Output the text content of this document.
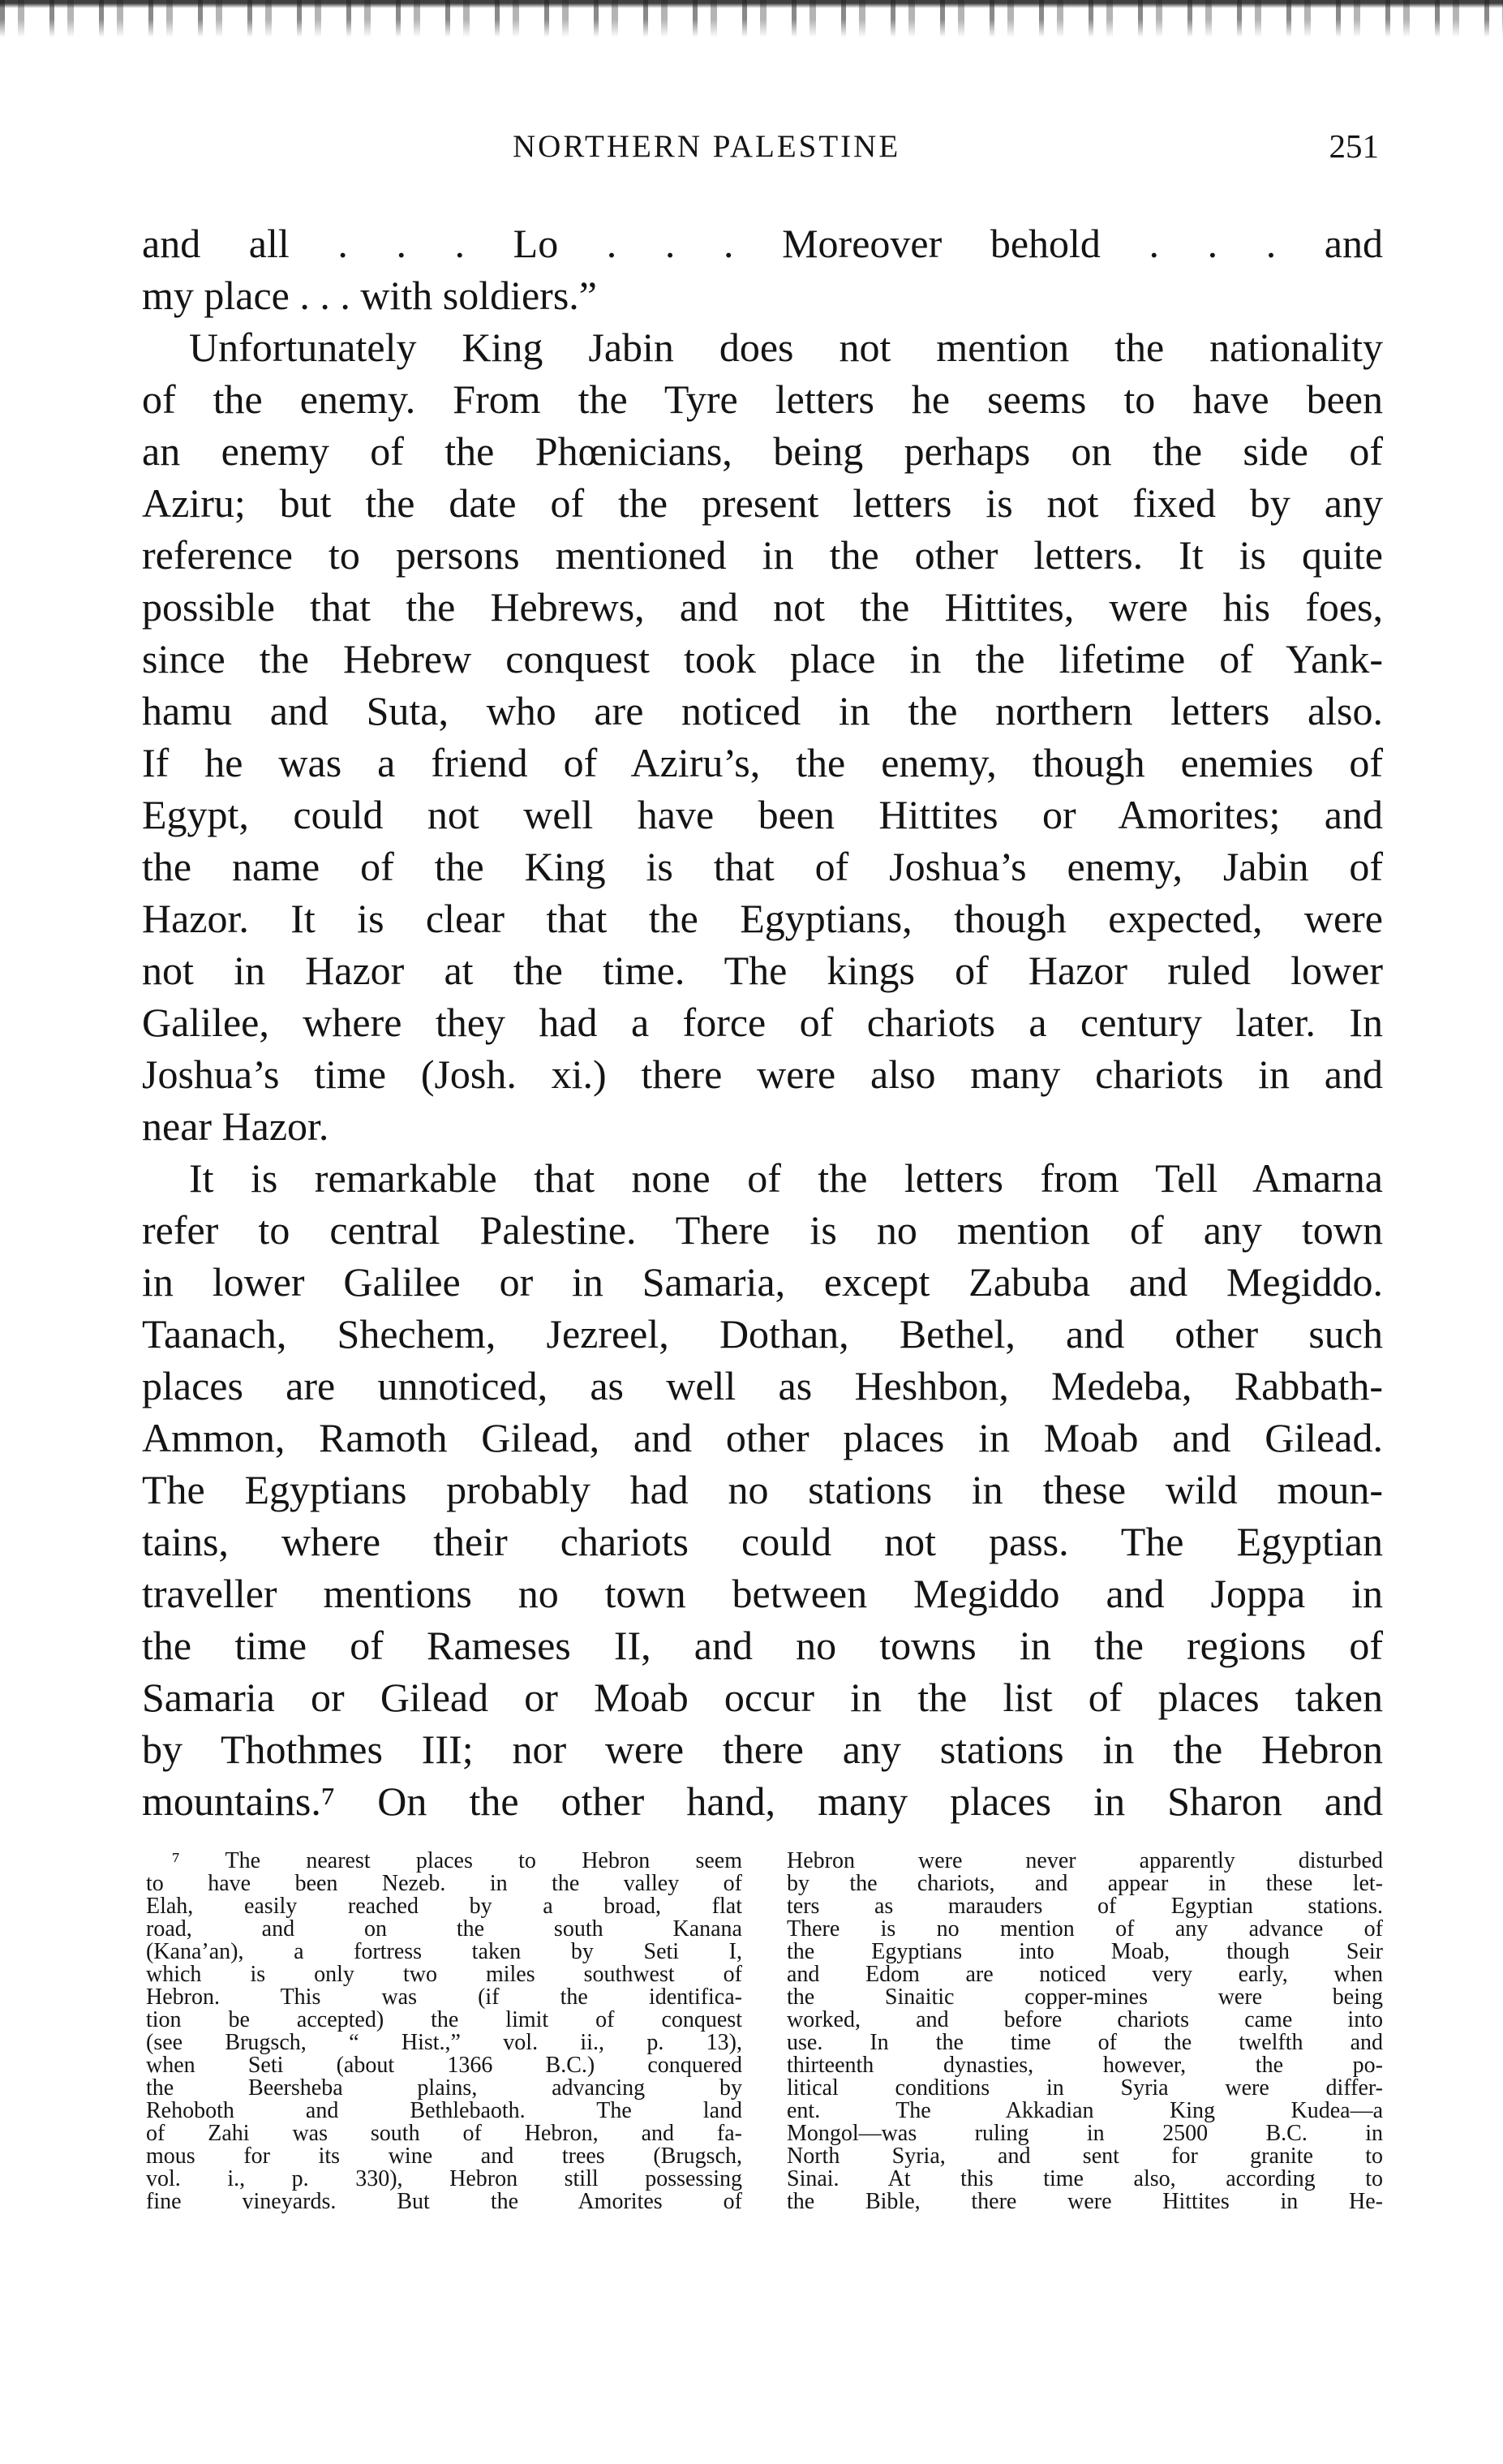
NORTHERN PALESTINE	251
and all . . . Lo . . . Moreover behold . . . and
my place . . . with soldiers.”
Unfortunately King Jabin does not mention the nationality
of the enemy. From the Tyre letters he seems to have been
an enemy of the Phœnicians, being perhaps on the side of
Aziru; but the date of the present letters is not fixed by any
reference to persons mentioned in the other letters. It is quite
possible that the Hebrews, and not the Hittites, were his foes,
since the Hebrew conquest took place in the lifetime of Yank-
hamu and Suta, who are noticed in the northern letters also.
If he was a friend of Aziru’s, the enemy, though enemies of
Egypt, could not well have been Hittites or Amorites; and
the name of the King is that of Joshua’s enemy, Jabin of
Hazor. It is clear that the Egyptians, though expected, were
not in Hazor at the time. The kings of Hazor ruled lower
Galilee, where they had a force of chariots a century later. In
Joshua’s time (Josh. xi.) there were also many chariots in and
near Hazor.
It is remarkable that none of the letters from Tell Amarna
refer to central Palestine. There is no mention of any town
in lower Galilee or in Samaria, except Zabuba and Megiddo.
Taanach, Shechem, Jezreel, Dothan, Bethel, and other such
places are unnoticed, as well as Heshbon, Medeba, Rabbath-
Ammon, Ramoth Gilead, and other places in Moab and Gilead.
The Egyptians probably had no stations in these wild moun-
tains, where their chariots could not pass. The Egyptian
traveller mentions no town between Megiddo and Joppa in
the time of Rameses II, and no towns in the regions of
Samaria or Gilead or Moab occur in the list of places taken
by Thothmes III; nor were there any stations in the Hebron
mountains.⁷ On the other hand, many places in Sharon and
⁷ The nearest places to Hebron seem
to have been Nezeb. in the valley of
Elah, easily reached by a broad, flat
road, and on the south Kanana
(Kana’an), a fortress taken by Seti I,
which is only two miles southwest of
Hebron. This was (if the identifica-
tion be accepted) the limit of conquest
(see Brugsch, “ Hist.,” vol. ii., p. 13),
when Seti (about 1366 B.C.) conquered
the Beersheba plains, advancing by
Rehoboth and Bethlebaoth. The land
of Zahi was south of Hebron, and fa-
mous for its wine and trees (Brugsch,
vol. i., p. 330), Hebron still possessing
fine vineyards. But the Amorites of
Hebron were never apparently disturbed
by the chariots, and appear in these let-
ters as marauders of Egyptian stations.
There is no mention of any advance of
the Egyptians into Moab, though Seir
and Edom are noticed very early, when
the Sinaitic copper-mines were being
worked, and before chariots came into
use. In the time of the twelfth and
thirteenth dynasties, however, the po-
litical conditions in Syria were differ-
ent. The Akkadian King Kudea—a
Mongol—was ruling in 2500 B.C. in
North Syria, and sent for granite to
Sinai. At this time also, according to
the Bible, there were Hittites in He-
